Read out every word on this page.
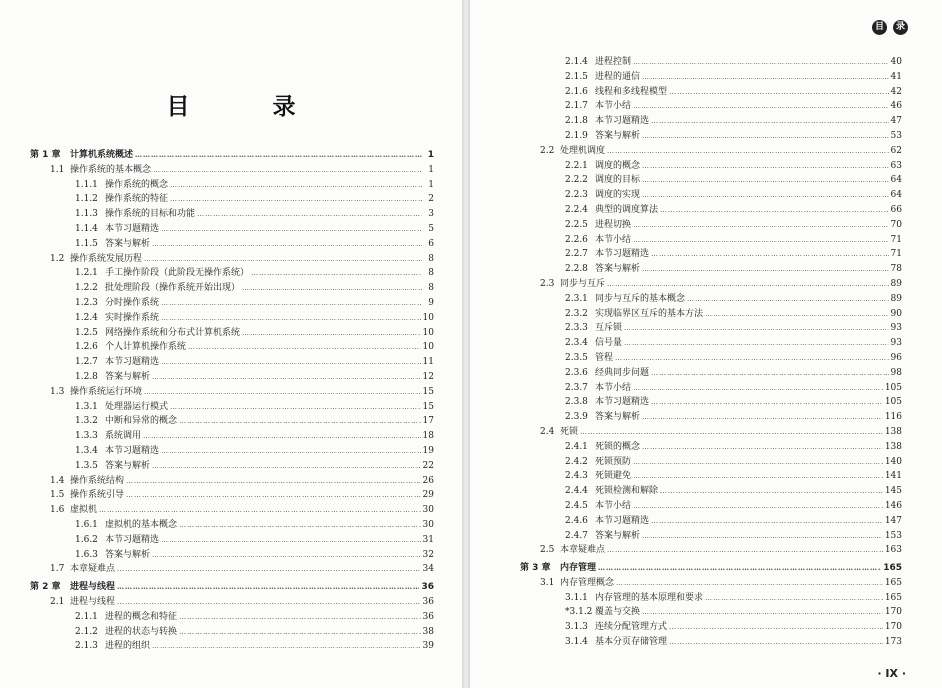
目　录
第 1 章	计算机系统概述 ………………………………………………………………………………………………………………………………………………………………………………	1
1.1 操作系统的基本概念 ………………………………………………………………………………………………………………………………………………………………………………	1
1.1.1 操作系统的概念 ………………………………………………………………………………………………………………………………………………………………………………	1
1.1.2 操作系统的特征 ………………………………………………………………………………………………………………………………………………………………………………	2
1.1.3 操作系统的目标和功能 ………………………………………………………………………………………………………………………………………………………………………………	3
1.1.4 本节习题精选 ………………………………………………………………………………………………………………………………………………………………………………	5
1.1.5 答案与解析 ………………………………………………………………………………………………………………………………………………………………………………	6
1.2 操作系统发展历程 ………………………………………………………………………………………………………………………………………………………………………………	8
1.2.1 手工操作阶段（此阶段无操作系统） ………………………………………………………………………………………………………………………………………………………………………………	8
1.2.2 批处理阶段（操作系统开始出现） ………………………………………………………………………………………………………………………………………………………………………………	8
1.2.3 分时操作系统 ………………………………………………………………………………………………………………………………………………………………………………	9
1.2.4 实时操作系统 ………………………………………………………………………………………………………………………………………………………………………………	10
1.2.5 网络操作系统和分布式计算机系统 ………………………………………………………………………………………………………………………………………………………………………………	10
1.2.6 个人计算机操作系统 ………………………………………………………………………………………………………………………………………………………………………………	10
1.2.7 本节习题精选 ………………………………………………………………………………………………………………………………………………………………………………	11
1.2.8 答案与解析 ………………………………………………………………………………………………………………………………………………………………………………	12
1.3 操作系统运行环境 ………………………………………………………………………………………………………………………………………………………………………………	15
1.3.1 处理器运行模式 ………………………………………………………………………………………………………………………………………………………………………………	15
1.3.2 中断和异常的概念 ………………………………………………………………………………………………………………………………………………………………………………	17
1.3.3 系统调用 ………………………………………………………………………………………………………………………………………………………………………………	18
1.3.4 本节习题精选 ………………………………………………………………………………………………………………………………………………………………………………	19
1.3.5 答案与解析 ………………………………………………………………………………………………………………………………………………………………………………	22
1.4 操作系统结构 ………………………………………………………………………………………………………………………………………………………………………………	26
1.5 操作系统引导 ………………………………………………………………………………………………………………………………………………………………………………	29
1.6 虚拟机 ………………………………………………………………………………………………………………………………………………………………………………	30
1.6.1 虚拟机的基本概念 ………………………………………………………………………………………………………………………………………………………………………………	30
1.6.2 本节习题精选 ………………………………………………………………………………………………………………………………………………………………………………	31
1.6.3 答案与解析 ………………………………………………………………………………………………………………………………………………………………………………	32
1.7 本章疑难点 ………………………………………………………………………………………………………………………………………………………………………………	34
第 2 章	进程与线程 ………………………………………………………………………………………………………………………………………………………………………………	36
2.1 进程与线程 ………………………………………………………………………………………………………………………………………………………………………………	36
2.1.1 进程的概念和特征 ………………………………………………………………………………………………………………………………………………………………………………	36
2.1.2 进程的状态与转换 ………………………………………………………………………………………………………………………………………………………………………………	38
2.1.3 进程的组织 ………………………………………………………………………………………………………………………………………………………………………………	39
目	录
2.1.4 进程控制 ………………………………………………………………………………………………………………………………………………………………………………	40
2.1.5 进程的通信 ………………………………………………………………………………………………………………………………………………………………………………	41
2.1.6 线程和多线程模型 ………………………………………………………………………………………………………………………………………………………………………………	42
2.1.7 本节小结 ………………………………………………………………………………………………………………………………………………………………………………	46
2.1.8 本节习题精选 ………………………………………………………………………………………………………………………………………………………………………………	47
2.1.9 答案与解析 ………………………………………………………………………………………………………………………………………………………………………………	53
2.2 处理机调度 ………………………………………………………………………………………………………………………………………………………………………………	62
2.2.1 调度的概念 ………………………………………………………………………………………………………………………………………………………………………………	63
2.2.2 调度的目标 ………………………………………………………………………………………………………………………………………………………………………………	64
2.2.3 调度的实现 ………………………………………………………………………………………………………………………………………………………………………………	64
2.2.4 典型的调度算法 ………………………………………………………………………………………………………………………………………………………………………………	66
2.2.5 进程切换 ………………………………………………………………………………………………………………………………………………………………………………	70
2.2.6 本节小结 ………………………………………………………………………………………………………………………………………………………………………………	71
2.2.7 本节习题精选 ………………………………………………………………………………………………………………………………………………………………………………	71
2.2.8 答案与解析 ………………………………………………………………………………………………………………………………………………………………………………	78
2.3 同步与互斥 ………………………………………………………………………………………………………………………………………………………………………………	89
2.3.1 同步与互斥的基本概念 ………………………………………………………………………………………………………………………………………………………………………………	89
2.3.2 实现临界区互斥的基本方法 ………………………………………………………………………………………………………………………………………………………………………………	90
2.3.3 互斥锁 ………………………………………………………………………………………………………………………………………………………………………………	93
2.3.4 信号量 ………………………………………………………………………………………………………………………………………………………………………………	93
2.3.5 管程 ………………………………………………………………………………………………………………………………………………………………………………	96
2.3.6 经典同步问题 ………………………………………………………………………………………………………………………………………………………………………………	98
2.3.7 本节小结 ………………………………………………………………………………………………………………………………………………………………………………	105
2.3.8 本节习题精选 ………………………………………………………………………………………………………………………………………………………………………………	105
2.3.9 答案与解析 ………………………………………………………………………………………………………………………………………………………………………………	116
2.4 死锁 ………………………………………………………………………………………………………………………………………………………………………………	138
2.4.1 死锁的概念 ………………………………………………………………………………………………………………………………………………………………………………	138
2.4.2 死锁预防 ………………………………………………………………………………………………………………………………………………………………………………	140
2.4.3 死锁避免 ………………………………………………………………………………………………………………………………………………………………………………	141
2.4.4 死锁检测和解除 ………………………………………………………………………………………………………………………………………………………………………………	145
2.4.5 本节小结 ………………………………………………………………………………………………………………………………………………………………………………	146
2.4.6 本节习题精选 ………………………………………………………………………………………………………………………………………………………………………………	147
2.4.7 答案与解析 ………………………………………………………………………………………………………………………………………………………………………………	153
2.5 本章疑难点 ………………………………………………………………………………………………………………………………………………………………………………	163
第 3 章	内存管理 ………………………………………………………………………………………………………………………………………………………………………………	165
3.1 内存管理概念 ………………………………………………………………………………………………………………………………………………………………………………	165
3.1.1 内存管理的基本原理和要求 ………………………………………………………………………………………………………………………………………………………………………………	165
*3.1.2 覆盖与交换 ………………………………………………………………………………………………………………………………………………………………………………	170
3.1.3 连续分配管理方式 ………………………………………………………………………………………………………………………………………………………………………………	170
3.1.4 基本分页存储管理 ………………………………………………………………………………………………………………………………………………………………………………	173
· IX ·
